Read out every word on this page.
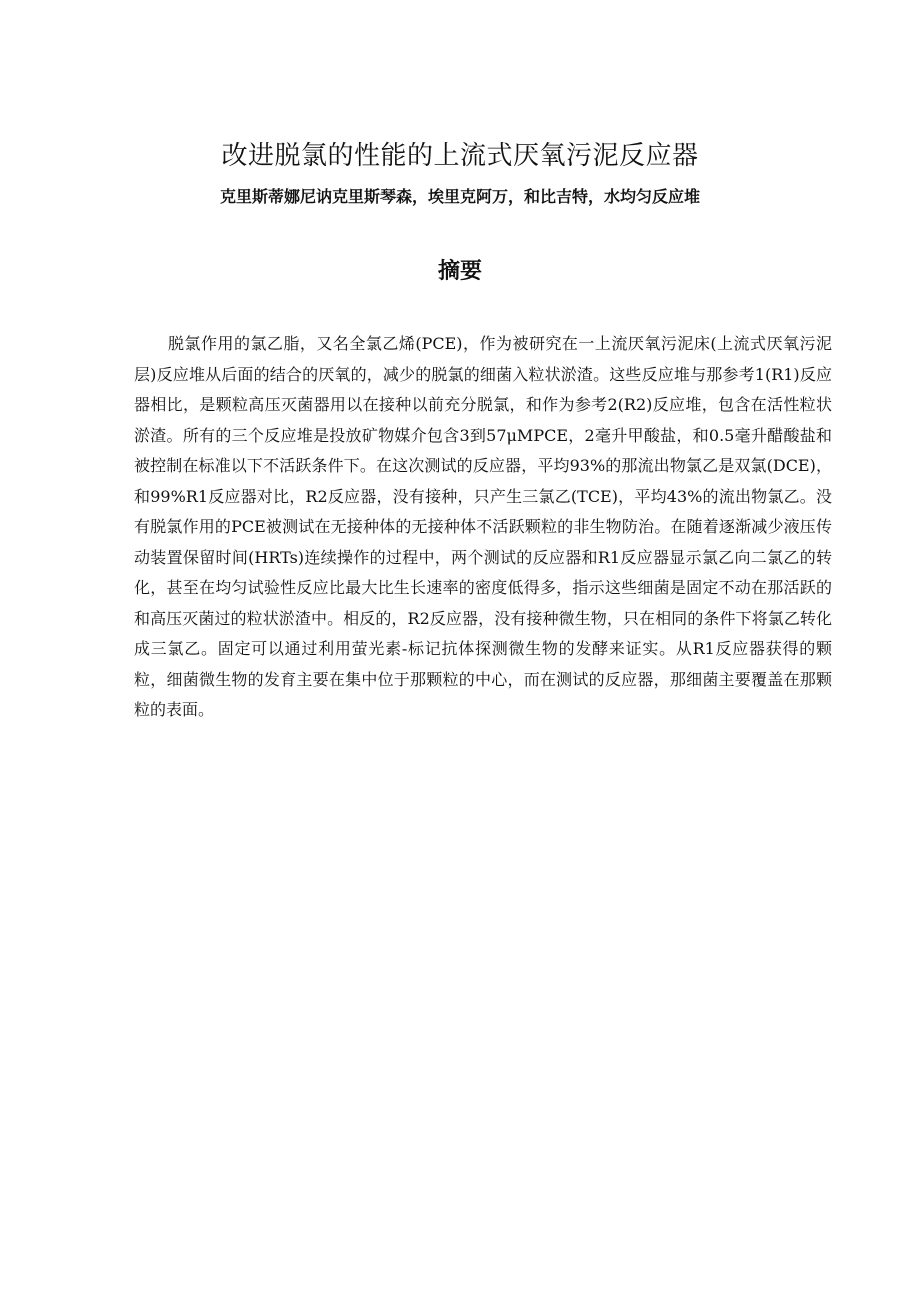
改进脱氯的性能的上流式厌氧污泥反应器

克里斯蒂娜尼讷克里斯琴森，埃里克阿万，和比吉特，水均匀反应堆

摘要

脱氯作用的氯乙脂，又名全氯乙烯(PCE)，作为被研究在一上流厌氧污泥床(上流式厌氧污泥层)反应堆从后面的结合的厌氧的，减少的脱氯的细菌入粒状淤渣。这些反应堆与那参考1(R1)反应器相比，是颗粒高压灭菌器用以在接种以前充分脱氯，和作为参考2(R2)反应堆，包含在活性粒状淤渣。所有的三个反应堆是投放矿物媒介包含3到57μMPCE，2毫升甲酸盐，和0.5毫升醋酸盐和被控制在标准以下不活跃条件下。在这次测试的反应器，平均93%的那流出物氯乙是双氯(DCE)，和99%R1反应器对比，R2反应器，没有接种，只产生三氯乙(TCE)，平均43%的流出物氯乙。没有脱氯作用的PCE被测试在无接种体的无接种体不活跃颗粒的非生物防治。在随着逐渐减少液压传动装置保留时间(HRTs)连续操作的过程中，两个测试的反应器和R1反应器显示氯乙向二氯乙的转化，甚至在均匀试验性反应比最大比生长速率的密度低得多，指示这些细菌是固定不动在那活跃的和高压灭菌过的粒状淤渣中。相反的，R2反应器，没有接种微生物，只在相同的条件下将氯乙转化成三氯乙。固定可以通过利用萤光素-标记抗体探测微生物的发酵来证实。从R1反应器获得的颗粒，细菌微生物的发育主要在集中位于那颗粒的中心，而在测试的反应器，那细菌主要覆盖在那颗粒的表面。
